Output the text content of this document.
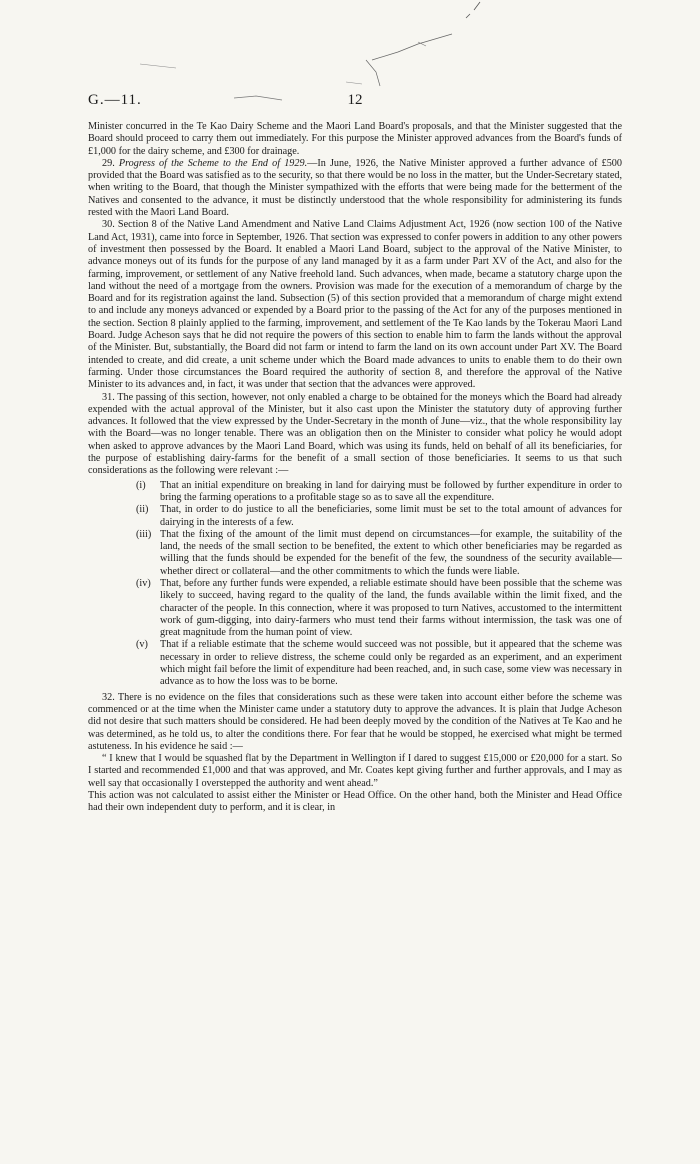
G.—11.	12

Minister concurred in the Te Kao Dairy Scheme and the Maori Land Board's proposals, and that the Minister suggested that the Board should proceed to carry them out immediately. For this purpose the Minister approved advances from the Board's funds of £1,000 for the dairy scheme, and £300 for drainage.

29. Progress of the Scheme to the End of 1929.—In June, 1926, the Native Minister approved a further advance of £500 provided that the Board was satisfied as to the security, so that there would be no loss in the matter, but the Under-Secretary stated, when writing to the Board, that though the Minister sympathized with the efforts that were being made for the betterment of the Natives and consented to the advance, it must be distinctly understood that the whole responsibility for administering its funds rested with the Maori Land Board.

30. Section 8 of the Native Land Amendment and Native Land Claims Adjustment Act, 1926 (now section 100 of the Native Land Act, 1931), came into force in September, 1926. That section was expressed to confer powers in addition to any other powers of investment then possessed by the Board. It enabled a Maori Land Board, subject to the approval of the Native Minister, to advance moneys out of its funds for the purpose of any land managed by it as a farm under Part XV of the Act, and also for the farming, improvement, or settlement of any Native freehold land. Such advances, when made, became a statutory charge upon the land without the need of a mortgage from the owners. Provision was made for the execution of a memorandum of charge by the Board and for its registration against the land. Subsection (5) of this section provided that a memorandum of charge might extend to and include any moneys advanced or expended by a Board prior to the passing of the Act for any of the purposes mentioned in the section. Section 8 plainly applied to the farming, improvement, and settlement of the Te Kao lands by the Tokerau Maori Land Board. Judge Acheson says that he did not require the powers of this section to enable him to farm the lands without the approval of the Minister. But, substantially, the Board did not farm or intend to farm the land on its own account under Part XV. The Board intended to create, and did create, a unit scheme under which the Board made advances to units to enable them to do their own farming. Under those circumstances the Board required the authority of section 8, and therefore the approval of the Native Minister to its advances and, in fact, it was under that section that the advances were approved.

31. The passing of this section, however, not only enabled a charge to be obtained for the moneys which the Board had already expended with the actual approval of the Minister, but it also cast upon the Minister the statutory duty of approving further advances. It followed that the view expressed by the Under-Secretary in the month of June—viz., that the whole responsibility lay with the Board—was no longer tenable. There was an obligation then on the Minister to consider what policy he would adopt when asked to approve advances by the Maori Land Board, which was using its funds, held on behalf of all its beneficiaries, for the purpose of establishing dairy-farms for the benefit of a small section of those beneficiaries. It seems to us that such considerations as the following were relevant :—

(i)	That an initial expenditure on breaking in land for dairying must be followed by further expenditure in order to bring the farming operations to a profitable stage so as to save all the expenditure.
(ii)	That, in order to do justice to all the beneficiaries, some limit must be set to the total amount of advances for dairying in the interests of a few.
(iii) That the fixing of the amount of the limit must depend on circumstances—for example, the suitability of the land, the needs of the small section to be benefited, the extent to which other beneficiaries may be regarded as willing that the funds should be expended for the benefit of the few, the soundness of the security available—whether direct or collateral—and the other commitments to which the funds were liable.
(iv) That, before any further funds were expended, a reliable estimate should have been possible that the scheme was likely to succeed, having regard to the quality of the land, the funds available within the limit fixed, and the character of the people. In this connection, where it was proposed to turn Natives, accustomed to the intermittent work of gum-digging, into dairy-farmers who must tend their farms without intermission, the task was one of great magnitude from the human point of view.
(v)	That if a reliable estimate that the scheme would succeed was not possible, but it appeared that the scheme was necessary in order to relieve distress, the scheme could only be regarded as an experiment, and an experiment which might fail before the limit of expenditure had been reached, and, in such case, some view was necessary in advance as to how the loss was to be borne.

32. There is no evidence on the files that considerations such as these were taken into account either before the scheme was commenced or at the time when the Minister came under a statutory duty to approve the advances. It is plain that Judge Acheson did not desire that such matters should be considered. He had been deeply moved by the condition of the Natives at Te Kao and he was determined, as he told us, to alter the conditions there. For fear that he would be stopped, he exercised what might be termed astuteness. In his evidence he said :—

“ I knew that I would be squashed flat by the Department in Wellington if I dared to suggest £15,000 or £20,000 for a start. So I started and recommended £1,000 and that was approved, and Mr. Coates kept giving further and further approvals, and I may as well say that occasionally I overstepped the authority and went ahead.”

This action was not calculated to assist either the Minister or Head Office. On the other hand, both the Minister and Head Office had their own independent duty to perform, and it is clear, in
